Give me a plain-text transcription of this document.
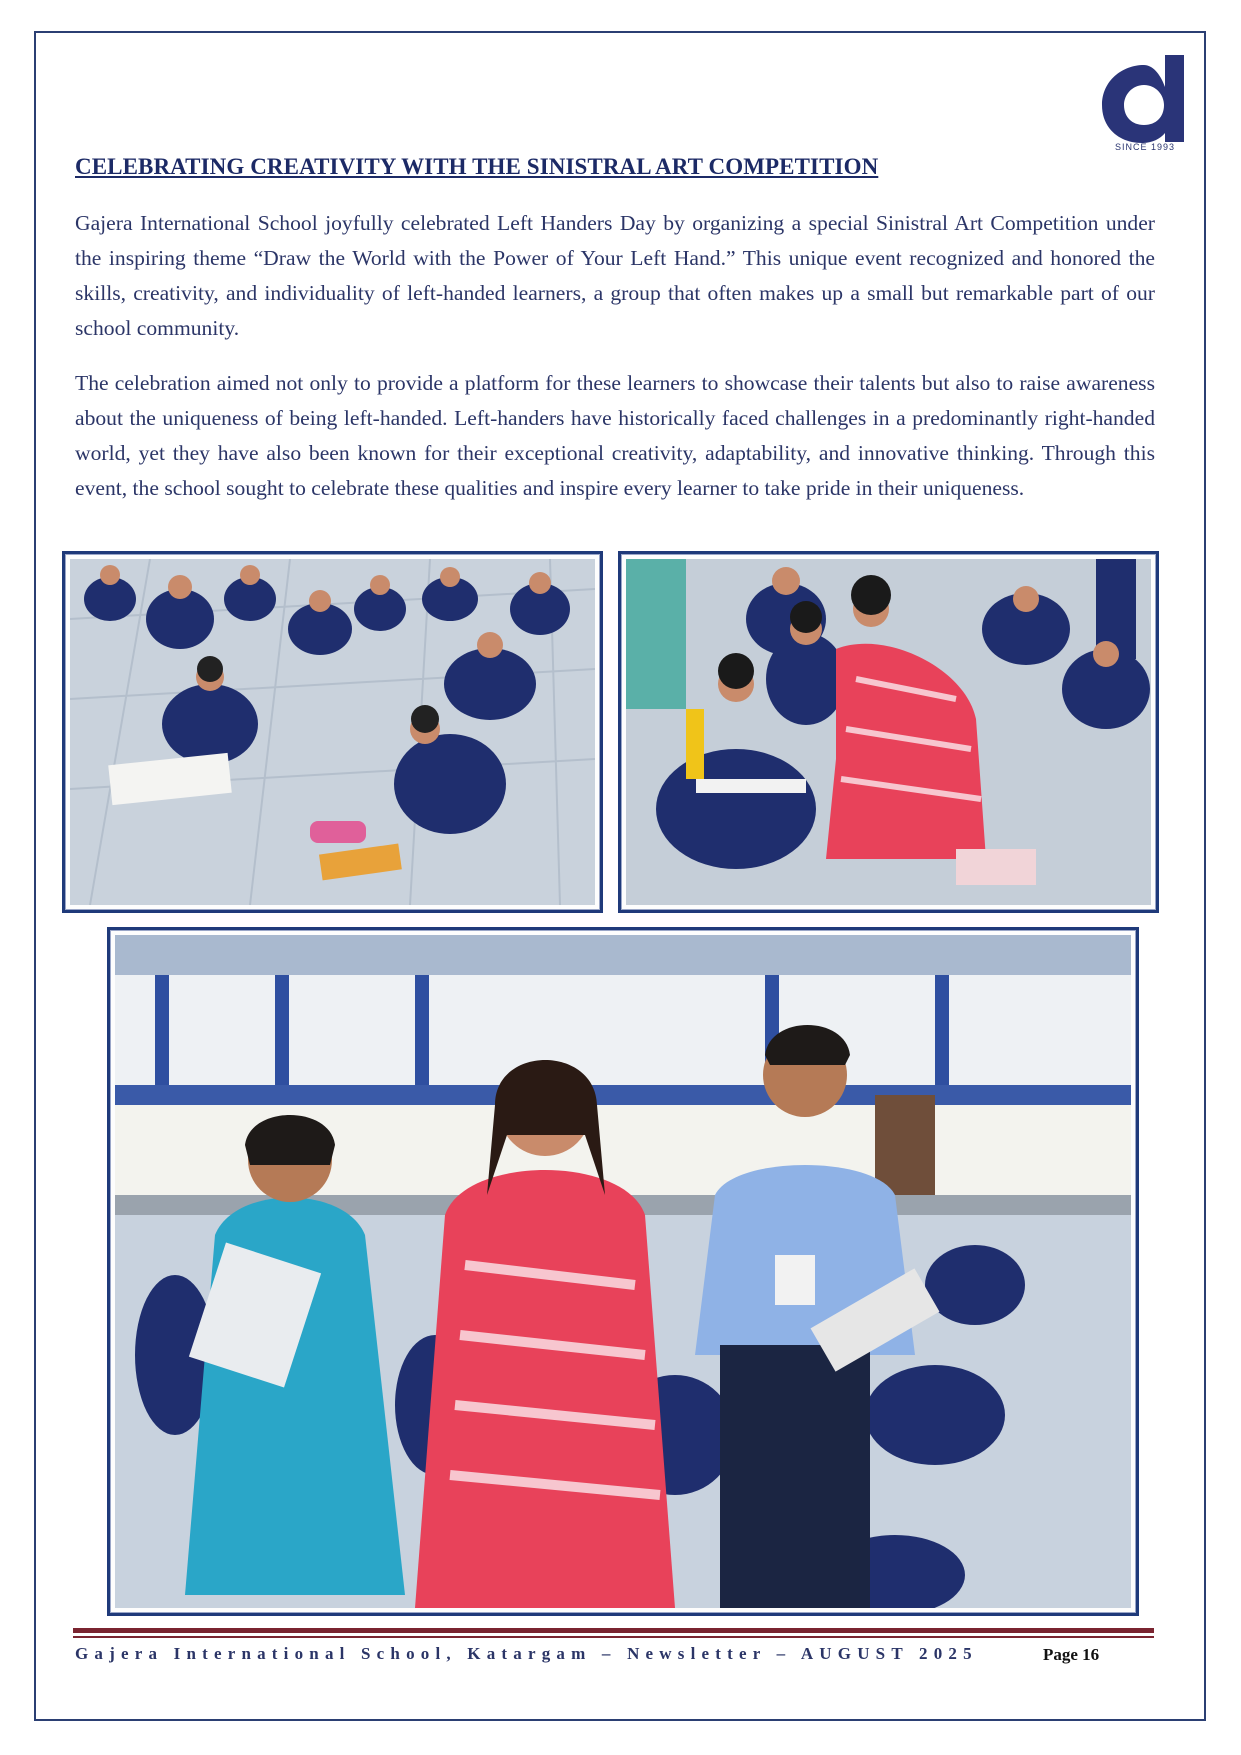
SINCE 1993
CELEBRATING CREATIVITY WITH THE SINISTRAL ART COMPETITION

Gajera International School joyfully celebrated Left Handers Day by organizing a special Sinistral Art Competition under the inspiring theme “Draw the World with the Power of Your Left Hand.” This unique event recognized and honored the skills, creativity, and individuality of left-handed learners, a group that often makes up a small but remarkable part of our school community.

The celebration aimed not only to provide a platform for these learners to showcase their talents but also to raise awareness about the uniqueness of being left-handed. Left-handers have historically faced challenges in a predominantly right-handed world, yet they have also been known for their exceptional creativity, adaptability, and innovative thinking. Through this event, the school sought to celebrate these qualities and inspire every learner to take pride in their uniqueness.

Gajera International School, Katargam – Newsletter – AUGUST 2025	Page 16
